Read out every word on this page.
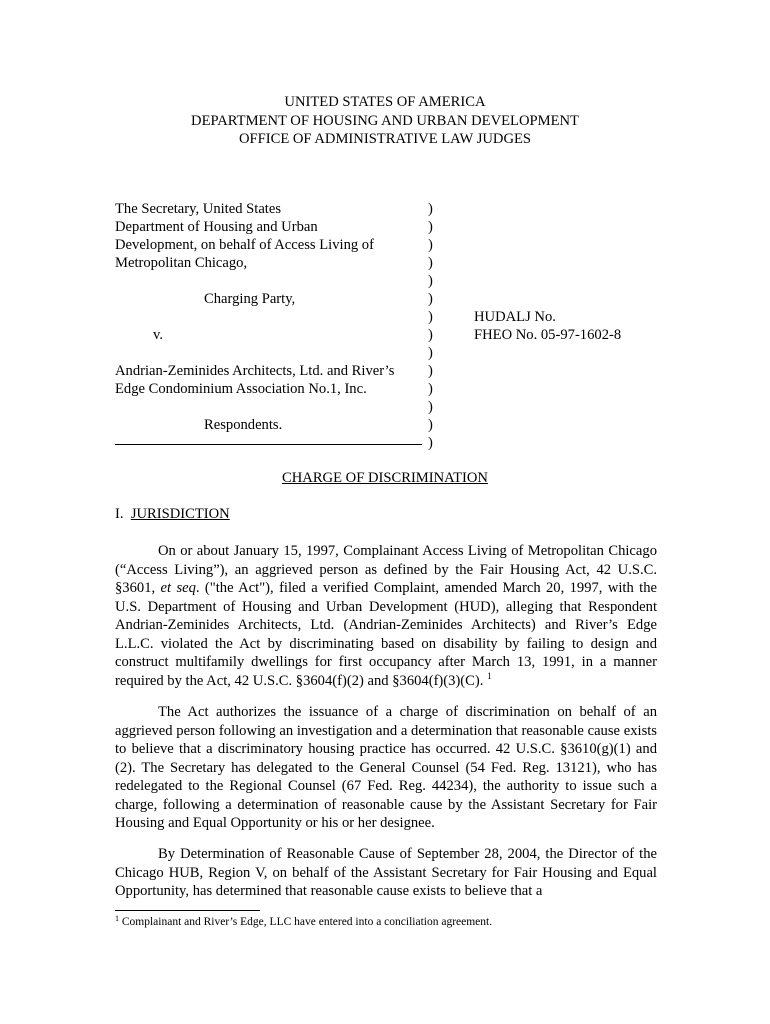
UNITED STATES OF AMERICA
DEPARTMENT OF HOUSING AND URBAN DEVELOPMENT
OFFICE OF ADMINISTRATIVE LAW JUDGES
The Secretary, United States
Department of Housing and Urban
Development, on behalf of Access Living of
Metropolitan Chicago,
Charging Party,
v.
Andrian-Zeminides Architects, Ltd. and River’s
Edge Condominium Association No.1, Inc.
Respondents.
)
)
)
)
)
)
)
)
)
)
)
)
)
)
HUDALJ No.
FHEO No. 05-97-1602-8
CHARGE OF DISCRIMINATION
I. JURISDICTION
On or about January 15, 1997, Complainant Access Living of Metropolitan Chicago (“Access Living”), an aggrieved person as defined by the Fair Housing Act, 42 U.S.C. §3601, et seq. ("the Act"), filed a verified Complaint, amended March 20, 1997, with the U.S. Department of Housing and Urban Development (HUD), alleging that Respondent Andrian-Zeminides Architects, Ltd. (Andrian-Zeminides Architects) and River’s Edge L.L.C. violated the Act by discriminating based on disability by failing to design and construct multifamily dwellings for first occupancy after March 13, 1991, in a manner required by the Act, 42 U.S.C. §3604(f)(2) and §3604(f)(3)(C). $^1$
The Act authorizes the issuance of a charge of discrimination on behalf of an aggrieved person following an investigation and a determination that reasonable cause exists to believe that a discriminatory housing practice has occurred. 42 U.S.C. §3610(g)(1) and (2). The Secretary has delegated to the General Counsel (54 Fed. Reg. 13121), who has redelegated to the Regional Counsel (67 Fed. Reg. 44234), the authority to issue such a charge, following a determination of reasonable cause by the Assistant Secretary for Fair Housing and Equal Opportunity or his or her designee.
By Determination of Reasonable Cause of September 28, 2004, the Director of the Chicago HUB, Region V, on behalf of the Assistant Secretary for Fair Housing and Equal Opportunity, has determined that reasonable cause exists to believe that a
$^1$ Complainant and River’s Edge, LLC have entered into a conciliation agreement.
